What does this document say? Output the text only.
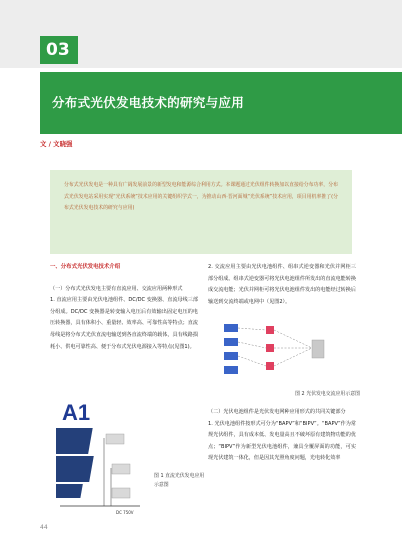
03
分布式光伏发电技术的研究与应用
文 / 文晓强

分布式光伏发电是一种具有广阔发展前景的新型发电和能源综合利用方式。本课题通过光伏组件转换加以直接给分布功率，分布式光伏发电站采用实现“光伏系统”技术应用的关键组织学式一，为推动山西·晋河面城“光伏系统”技术应用，项目用机率推了(分布式光伏发电技术的研究与应用)

一、分布式光伏发电技术介绍

（一）分布式光伏发电主要有直流应用、交流应用两种形式

1. 直流应用主要由光伏电池组件、DC/DC 变换器、直流母线三部分组成。DC/DC 变换器是转变输入电压后有效输出固定电压的电压转换器，具有体积小、重量轻、效率高、可靠性高等特点；直流母线是将分布式光伏直流电输送到各直流终端的载体，具有线路损耗小、供电可靠性高、便于分布式光伏电源接入等特点(见图1)。

A1
DC 750V
图 1 直流光伏发电应用示意图

2. 交流应用主要由光伏电池组件、组串式逆变器和光伏并网柜三部分组成。组串式逆变器可将光伏电池组件所发出的直流电能转换成交流电能；光伏并网柜可将光伏电池组件发出的电能经过转换后输送到交流终端或电网中（见图2）。

图 2 光伏发电交流应用示意图

（二）光伏电池组件是光伏发电网种应用形式的共同关键部分

1. 光伏电池组件按形式可分为“BAPV”和“BIPV”。“BAPV”作为常规光伏组件，具有成本低、发电量高且不破坏原有建筑物功能的优点；“BIPV”作为新型光伏电池组件，兼具全覆屏面的功能，可实现光伏建筑一体化，但是因其光照角度问题，光电转化效率

44
